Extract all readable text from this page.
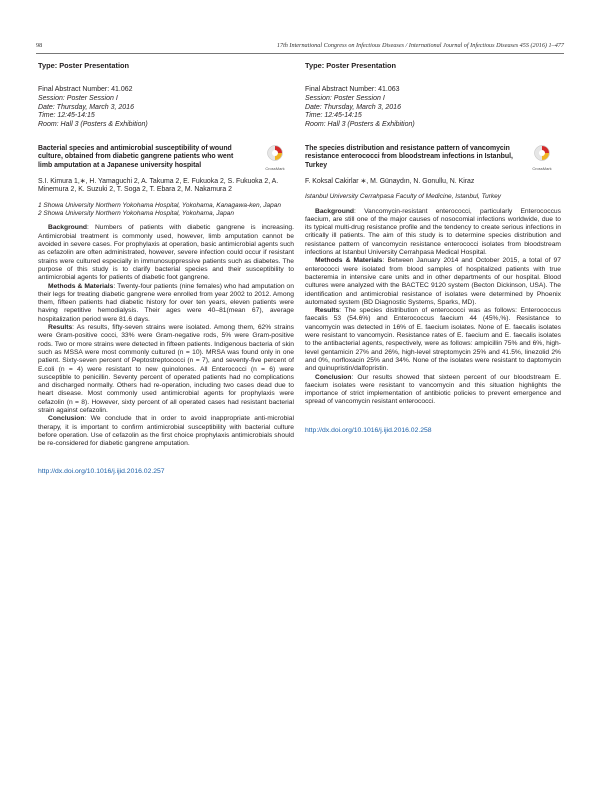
98	17th International Congress on Infectious Diseases / International Journal of Infectious Diseases 45S (2016) 1–477
Type: Poster Presentation
Final Abstract Number: 41.062
Session: Poster Session I
Date: Thursday, March 3, 2016
Time: 12:45-14:15
Room: Hall 3 (Posters & Exhibition)
Bacterial species and antimicrobial susceptibility of wound culture, obtained from diabetic gangrene patients who went limb amputation at a Japanese university hospital	CrossMark
S.I. Kimura 1,∗, H. Yamaguchi 2, A. Takuma 2, E. Fukuoka 2, S. Fukuoka 2, A. Minemura 2, K. Suzuki 2, T. Soga 2, T. Ebara 2, M. Nakamura 2
1 Showa University Northern Yokohama Hospital, Yokohama, Kanagawa-ken, Japan
2 Showa University Northern Yokohama Hospital, Yokohama, Japan

Background: Numbers of patients with diabetic gangrene is increasing. Antimicrobial treatment is commonly used, however, limb amputation cannot be avoided in severe cases. For prophylaxis at operation, basic antimicrobial agents such as cefazolin are often administrated, however, severe infection could occur if resistant strains were cultured especially in immunosuppressive patients such as diabetes. The purpose of this study is to clarify bacterial species and their susceptibility to antimicrobial agents for patients of diabetic foot gangrene.

Methods & Materials: Twenty-four patients (nine females) who had amputation on their legs for treating diabetic gangrene were enrolled from year 2002 to 2012. Among them, fifteen patients had diabetic history for over ten years, eleven patients were having repetitive hemodialysis. Their ages were 40–81(mean 67), average hospitalization period were 81.6 days.

Results: As results, fifty-seven strains were isolated. Among them, 62% strains were Gram-positive cocci, 33% were Gram-negative rods, 5% were Gram-positive rods. Two or more strains were detected in fifteen patients. Indigenous bacteria of skin such as MSSA were most commonly cultured (n = 10). MRSA was found only in one patient. Sixty-seven percent of Peptostreptococci (n = 7), and seventy-five percent of E.coli (n = 4) were resistant to new quinolones. All Enterococci (n = 6) were susceptible to penicillin. Seventy percent of operated patients had no complications and discharged normally. Others had re-operation, including two cases dead due to heart disease. Most commonly used antimicrobial agents for prophylaxis were cefazolin (n = 8). However, sixty percent of all operated cases had resistant bacterial strain against cefazolin.

Conclusion: We conclude that in order to avoid inappropriate anti-microbial therapy, it is important to confirm antimicrobial susceptibility with bacterial culture before operation. Use of cefazolin as the first choice prophylaxis antimicrobials should be re-considered for diabetic gangrene amputation.

http://dx.doi.org/10.1016/j.ijid.2016.02.257
Type: Poster Presentation
Final Abstract Number: 41.063
Session: Poster Session I
Date: Thursday, March 3, 2016
Time: 12:45-14:15
Room: Hall 3 (Posters & Exhibition)
The species distribution and resistance pattern of vancomycin resistance enterococci from bloodstream infections in Istanbul, Turkey	CrossMark
F. Koksal Cakirlar ∗, M. Günaydın, N. Gonullu, N. Kiraz
Istanbul University Cerrahpasa Faculty of Medicine, Istanbul, Turkey

Background: Vancomycin-resistant enterococci, particularly Enterococcus faecium, are still one of the major causes of nosocomial infections worldwide, due to its typical multi-drug resistance profile and the tendency to create serious infections in critically ill patients. The aim of this study is to determine species distribution and resistance pattern of vancomycin resistance enterococci isolates from bloodstream infections at Istanbul University Cerrahpasa Medical Hospital.

Methods & Materials: Between January 2014 and October 2015, a total of 97 enterococci were isolated from blood samples of hospitalized patients with true bacteremia in intensive care units and in other departments of our hospital. Blood cultures were analyzed with the BACTEC 9120 system (Becton Dickinson, USA). The identification and antimicrobial resistance of isolates were determined by Phoenix automated system (BD Diagnostic Systems, Sparks, MD).

Results: The species distribution of enterococci was as follows: Enterococcus faecalis 53 (54.6%) and Enterococcus faecium 44 (45%,%). Resistance to vancomycin was detected in 16% of E. faecium isolates. None of E. faecalis isolates were resistant to vancomycin. Resistance rates of E. faecium and E. faecalis isolates to the antibacterial agents, respectively, were as follows: ampicillin 75% and 6%, high-level gentamicin 27% and 26%, high-level streptomycin 25% and 41.5%, linezolid 2% and 0%, norfloxacin 25% and 34%. None of the isolates were resistant to daptomycin and quinupristin/dalfopristin.

Conclusion: Our results showed that sixteen percent of our bloodstream E. faecium isolates were resistant to vancomycin and this situation highlights the importance of strict implementation of antibiotic policies to prevent emergence and spread of vancomycin resistant enterococci.

http://dx.doi.org/10.1016/j.ijid.2016.02.258
